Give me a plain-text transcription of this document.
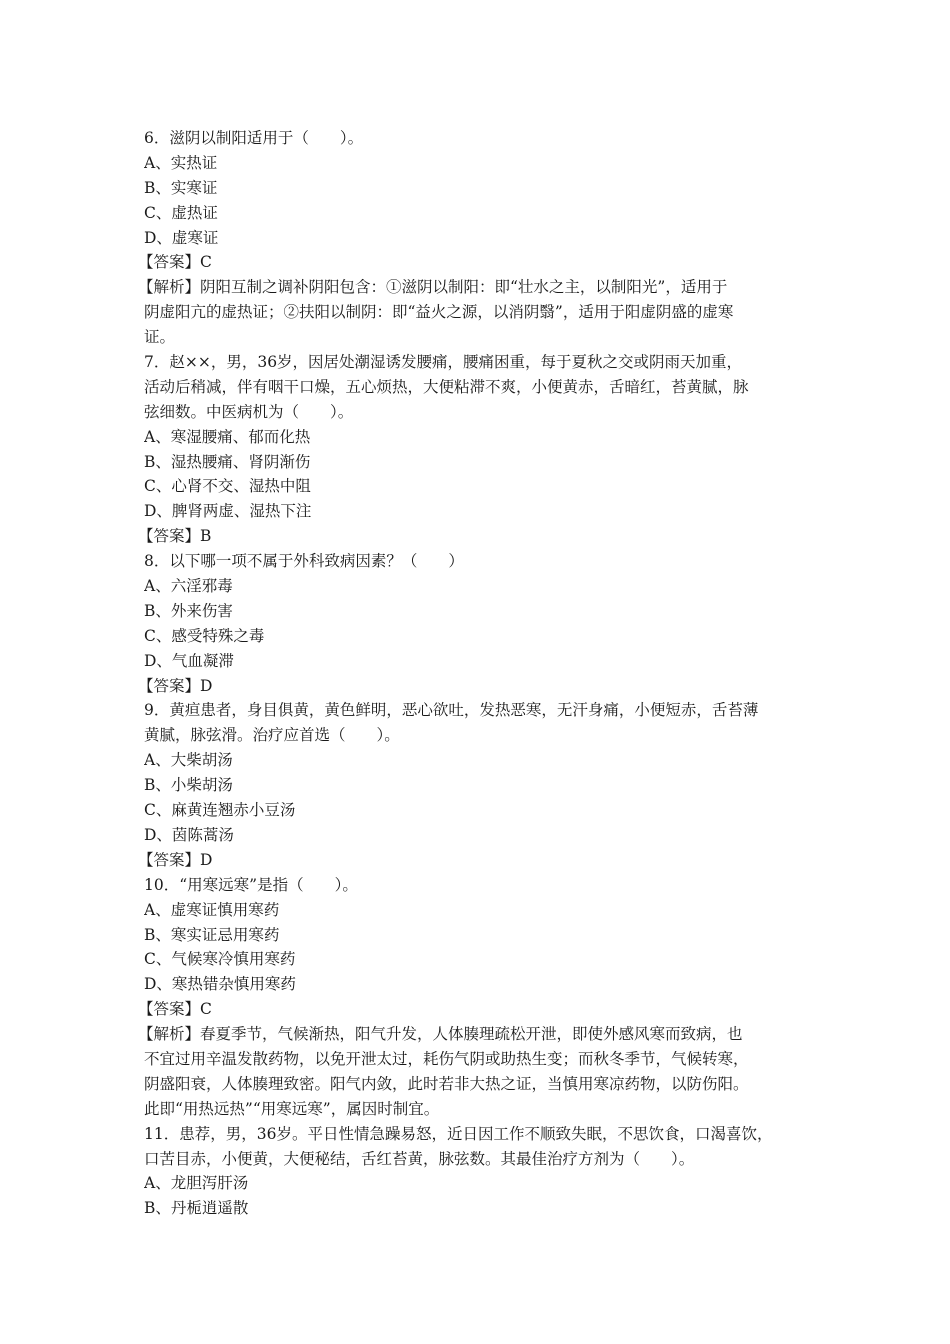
6．滋阴以制阳适用于（　　）。
A、实热证
B、实寒证
C、虚热证
D、虚寒证
【答案】C
【解析】阴阳互制之调补阴阳包含：①滋阴以制阳：即“壮水之主，以制阳光”，适用于
阴虚阳亢的虚热证；②扶阳以制阴：即“益火之源，以消阴翳”，适用于阳虚阴盛的虚寒
证。
7．赵××，男，36岁，因居处潮湿诱发腰痛，腰痛困重，每于夏秋之交或阴雨天加重，
活动后稍减，伴有咽干口燥，五心烦热，大便粘滞不爽，小便黄赤，舌暗红，苔黄腻，脉
弦细数。中医病机为（　　）。
A、寒湿腰痛、郁而化热
B、湿热腰痛、肾阴渐伤
C、心肾不交、湿热中阻
D、脾肾两虚、湿热下注
【答案】B
8．以下哪一项不属于外科致病因素？（　　）
A、六淫邪毒
B、外来伤害
C、感受特殊之毒
D、气血凝滞
【答案】D
9．黄疸患者，身目俱黄，黄色鲜明，恶心欲吐，发热恶寒，无汗身痛，小便短赤，舌苔薄
黄腻，脉弦滑。治疗应首选（　　）。
A、大柴胡汤
B、小柴胡汤
C、麻黄连翘赤小豆汤
D、茵陈蒿汤
【答案】D
10．“用寒远寒”是指（　　）。
A、虚寒证慎用寒药
B、寒实证忌用寒药
C、气候寒冷慎用寒药
D、寒热错杂慎用寒药
【答案】C
【解析】春夏季节，气候渐热，阳气升发，人体腠理疏松开泄，即使外感风寒而致病，也
不宜过用辛温发散药物，以免开泄太过，耗伤气阴或助热生变；而秋冬季节，气候转寒，
阴盛阳衰，人体腠理致密。阳气内敛，此时若非大热之证，当慎用寒凉药物，以防伤阳。
此即“用热远热”“用寒远寒”，属因时制宜。
11．患荐，男，36岁。平日性情急躁易怒，近日因工作不顺致失眠，不思饮食，口渴喜饮，
口苦目赤，小便黄，大便秘结，舌红苔黄，脉弦数。其最佳治疗方剂为（　　）。
A、龙胆泻肝汤
B、丹栀逍遥散
